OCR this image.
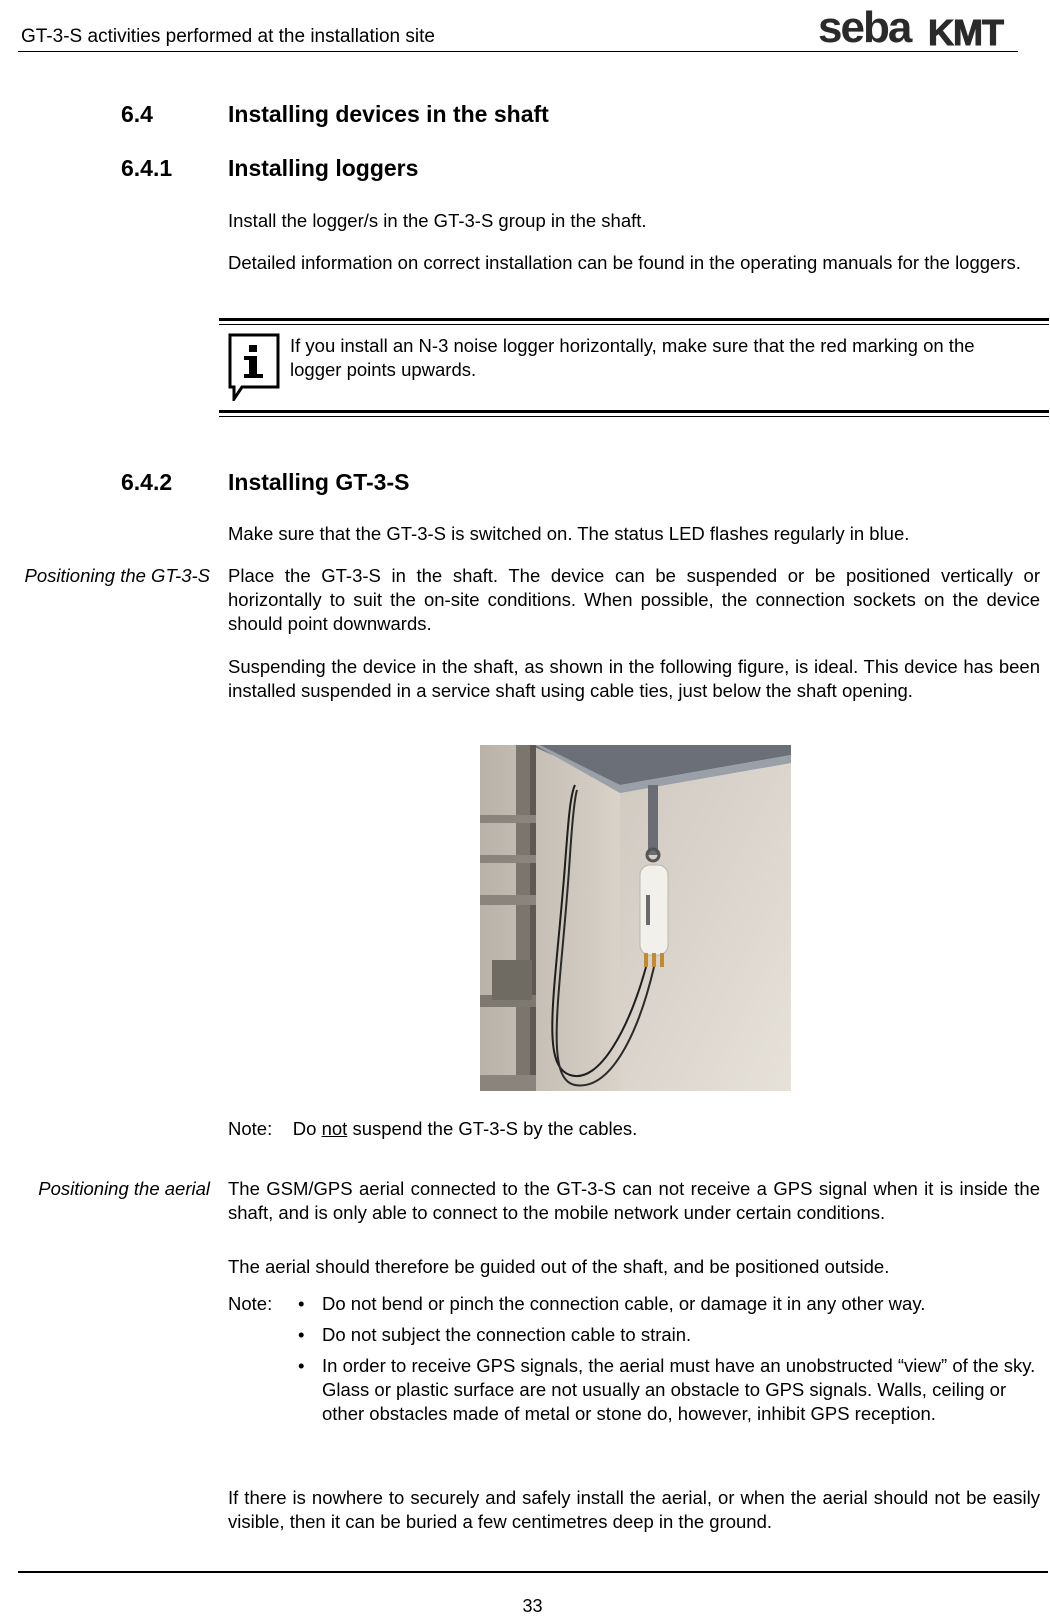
GT-3-S activities performed at the installation site	seba KMT
6.4	Installing devices in the shaft
6.4.1 Installing loggers
Install the logger/s in the GT-3-S group in the shaft.
Detailed information on correct installation can be found in the operating manuals for the loggers.
If you install an N-3 noise logger horizontally, make sure that the red marking on the logger points upwards.
6.4.2 Installing GT-3-S
Make sure that the GT-3-S is switched on. The status LED flashes regularly in blue.
Positioning the GT-3-S Place the GT-3-S in the shaft. The device can be suspended or be positioned vertically or horizontally to suit the on-site conditions. When possible, the connection sockets on the device should point downwards.
Suspending the device in the shaft, as shown in the following figure, is ideal. This device has been installed suspended in a service shaft using cable ties, just below the shaft opening.
Note: Do not suspend the GT-3-S by the cables.
Positioning the aerial The GSM/GPS aerial connected to the GT-3-S can not receive a GPS signal when it is inside the shaft, and is only able to connect to the mobile network under certain conditions.
The aerial should therefore be guided out of the shaft, and be positioned outside.
Note:
•	Do not bend or pinch the connection cable, or damage it in any other way.
• Do not subject the connection cable to strain.
• In order to receive GPS signals, the aerial must have an unobstructed “view” of the sky. Glass or plastic surface are not usually an obstacle to GPS signals. Walls, ceiling or other obstacles made of metal or stone do, however, inhibit GPS reception.
If there is nowhere to securely and safely install the aerial, or when the aerial should not be easily visible, then it can be buried a few centimetres deep in the ground.
33
